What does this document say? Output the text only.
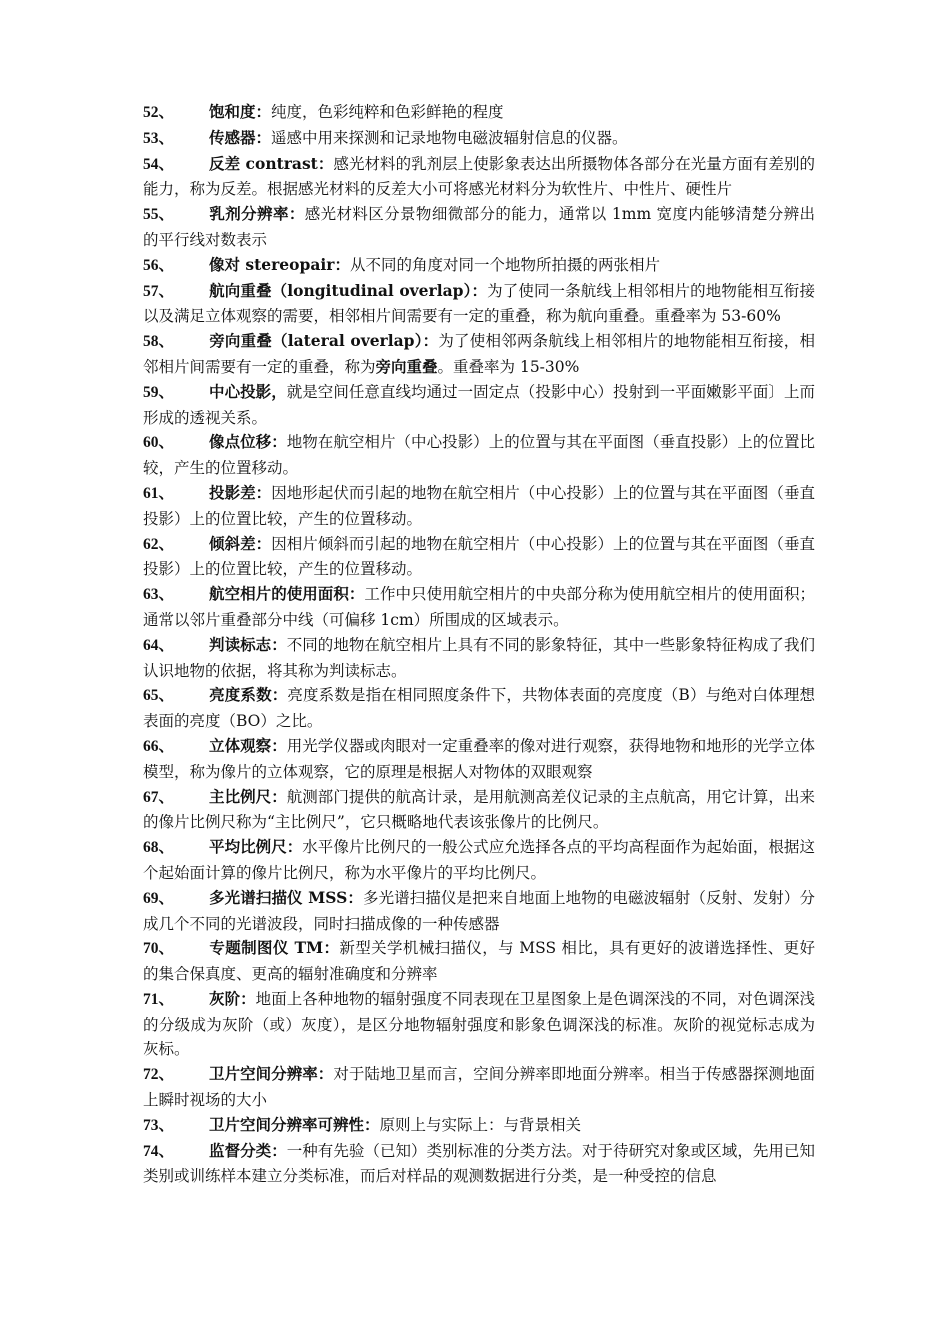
52、 饱和度：纯度，色彩纯粹和色彩鲜艳的程度

53、 传感器：遥感中用来探测和记录地物电磁波辐射信息的仪器。

54、 反差 contrast：感光材料的乳剂层上使影象表达出所摄物体各部分在光量方面有差别的能力，称为反差。根据感光材料的反差大小可将感光材料分为软性片、中性片、硬性片

55、 乳剂分辨率：感光材料区分景物细微部分的能力，通常以 1mm 宽度内能够清楚分辨出的平行线对数表示

56、 像对 stereopair：从不同的角度对同一个地物所拍摄的两张相片

57、 航向重叠（longitudinal overlap）：为了使同一条航线上相邻相片的地物能相互衔接以及满足立体观察的需要，相邻相片间需要有一定的重叠，称为航向重叠。重叠率为 53-60%

58、 旁向重叠（lateral overlap）：为了使相邻两条航线上相邻相片的地物能相互衔接，相邻相片间需要有一定的重叠，称为旁向重叠。重叠率为 15-30%

59、 中心投影，就是空间任意直线均通过一固定点（投影中心）投射到一平面嫩影平面〕上而形成的透视关系。

60、 像点位移：地物在航空相片（中心投影）上的位置与其在平面图（垂直投影）上的位置比较，产生的位置移动。

61、 投影差：因地形起伏而引起的地物在航空相片（中心投影）上的位置与其在平面图（垂直投影）上的位置比较，产生的位置移动。

62、 倾斜差：因相片倾斜而引起的地物在航空相片（中心投影）上的位置与其在平面图（垂直投影）上的位置比较，产生的位置移动。

63、 航空相片的使用面积：工作中只使用航空相片的中央部分称为使用航空相片的使用面积；通常以邻片重叠部分中线（可偏移 1cm）所围成的区域表示。

64、 判读标志：不同的地物在航空相片上具有不同的影象特征，其中一些影象特征构成了我们认识地物的依据，将其称为判读标志。

65、 亮度系数：亮度系数是指在相同照度条件下，共物体表面的亮度度（B）与绝对白体理想表面的亮度（BO）之比。

66、 立体观察：用光学仪器或肉眼对一定重叠率的像对进行观察，获得地物和地形的光学立体模型，称为像片的立体观察，它的原理是根据人对物体的双眼观察

67、 主比例尺：航测部门提供的航高计录，是用航测高差仪记录的主点航高，用它计算，出来的像片比例尺称为“主比例尺”，它只概略地代表该张像片的比例尺。

68、 平均比例尺：水平像片比例尺的一般公式应允选择各点的平均高程面作为起始面，根据这个起始面计算的像片比例尺，称为水平像片的平均比例尺。

69、 多光谱扫描仪 MSS：多光谱扫描仪是把来自地面上地物的电磁波辐射（反射、发射）分成几个不同的光谱波段，同时扫描成像的一种传感器

70、 专题制图仪 TM：新型关学机械扫描仪，与 MSS 相比，具有更好的波谱选择性、更好的集合保真度、更高的辐射准确度和分辨率

71、 灰阶：地面上各种地物的辐射强度不同表现在卫星图象上是色调深浅的不同，对色调深浅的分级成为灰阶（或）灰度），是区分地物辐射强度和影象色调深浅的标准。灰阶的视觉标志成为灰标。

72、 卫片空间分辨率：对于陆地卫星而言，空间分辨率即地面分辨率。相当于传感器探测地面上瞬时视场的大小

73、 卫片空间分辨率可辨性：原则上与实际上：与背景相关

74、 监督分类：一种有先验（已知）类别标准的分类方法。对于待研究对象或区域，先用已知类别或训练样本建立分类标准，而后对样品的观测数据进行分类，是一种受控的信息
